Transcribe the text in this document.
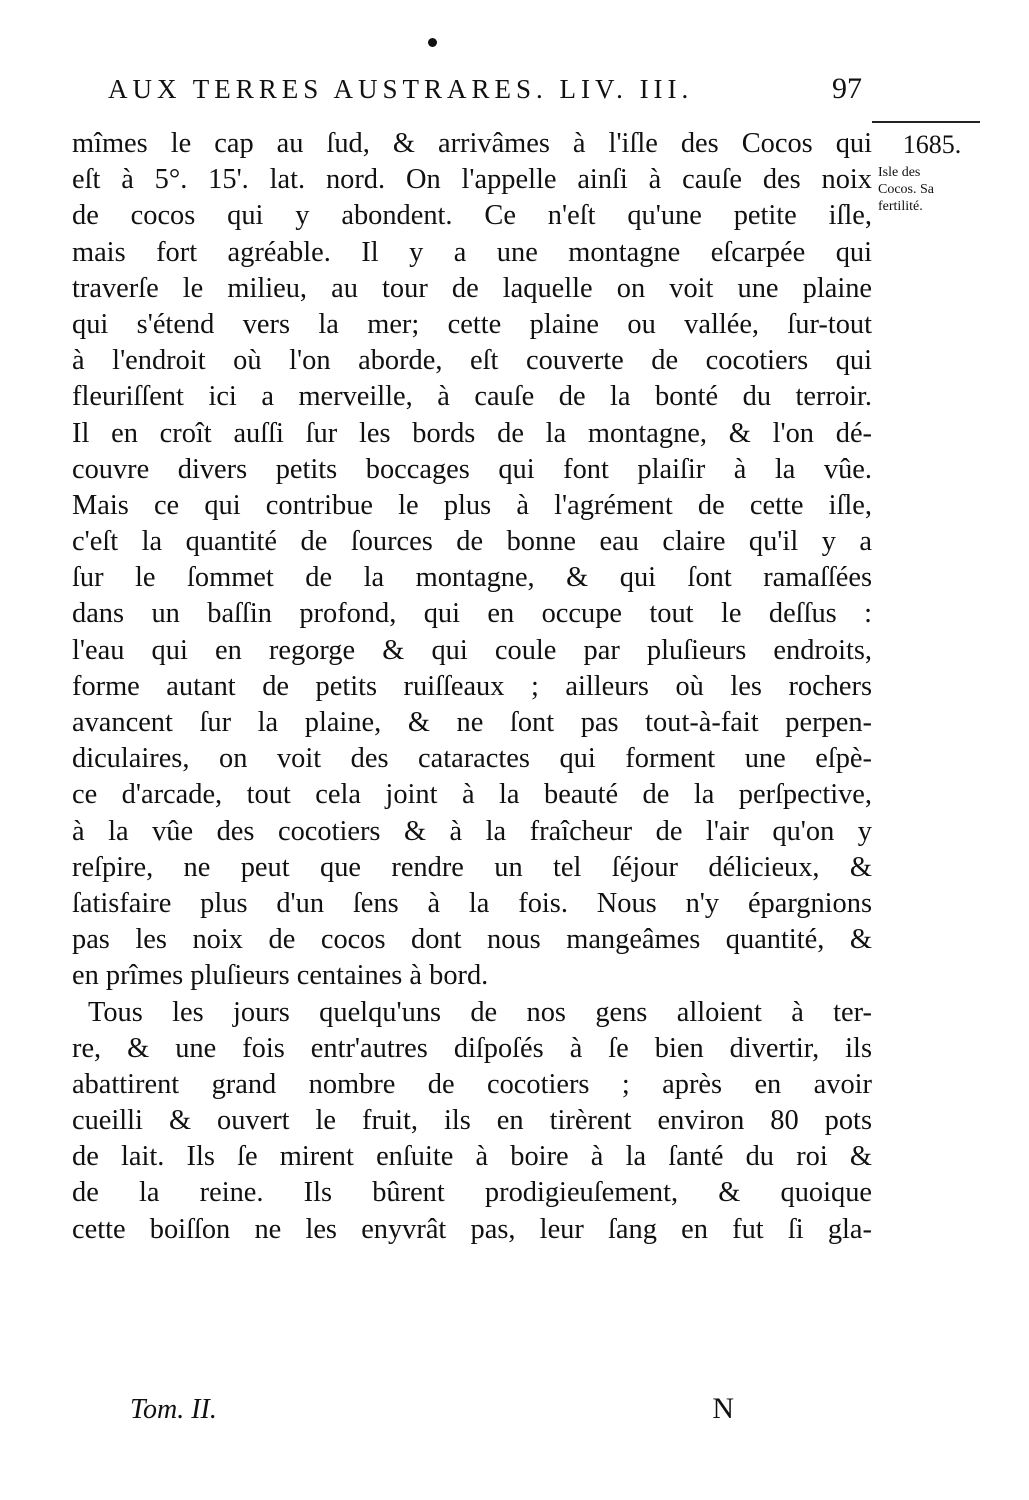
AUX TERRES AUSTRARES. LIV. III.	97
1685.
Isle des
Cocos. Sa
fertilité.
mîmes le cap au ſud, & arrivâmes à l'iſle des Cocos qui
eſt à 5°. 15'. lat. nord. On l'appelle ainſi à cauſe des noix
de cocos qui y abondent. Ce n'eſt qu'une petite iſle,
mais fort agréable. Il y a une montagne eſcarpée qui
traverſe le milieu, au tour de laquelle on voit une plaine
qui s'étend vers la mer; cette plaine ou vallée, ſur-tout
à l'endroit où l'on aborde, eſt couverte de cocotiers qui
fleuriſſent ici a merveille, à cauſe de la bonté du terroir.
Il en croît auſſi ſur les bords de la montagne, & l'on dé-
couvre divers petits boccages qui font plaiſir à la vûe.
Mais ce qui contribue le plus à l'agrément de cette iſle,
c'eſt la quantité de ſources de bonne eau claire qu'il y a
ſur le ſommet de la montagne, & qui ſont ramaſſées
dans un baſſin profond, qui en occupe tout le deſſus :
l'eau qui en regorge & qui coule par pluſieurs endroits,
forme autant de petits ruiſſeaux ; ailleurs où les rochers
avancent ſur la plaine, & ne ſont pas tout-à-fait perpen-
diculaires, on voit des cataractes qui forment une eſpè-
ce d'arcade, tout cela joint à la beauté de la perſpective,
à la vûe des cocotiers & à la fraîcheur de l'air qu'on y
reſpire, ne peut que rendre un tel ſéjour délicieux, &
ſatisfaire plus d'un ſens à la fois. Nous n'y épargnions
pas les noix de cocos dont nous mangeâmes quantité, &
en prîmes pluſieurs centaines à bord.
Tous les jours quelqu'uns de nos gens alloient à ter-
re, & une fois entr'autres diſpoſés à ſe bien divertir, ils
abattirent grand nombre de cocotiers ; après en avoir
cueilli & ouvert le fruit, ils en tirèrent environ 80 pots
de lait. Ils ſe mirent enſuite à boire à la ſanté du roi &
de la reine. Ils bûrent prodigieuſement, & quoique
cette boiſſon ne les enyvrât pas, leur ſang en fut ſi gla-
Tom. II.	N
